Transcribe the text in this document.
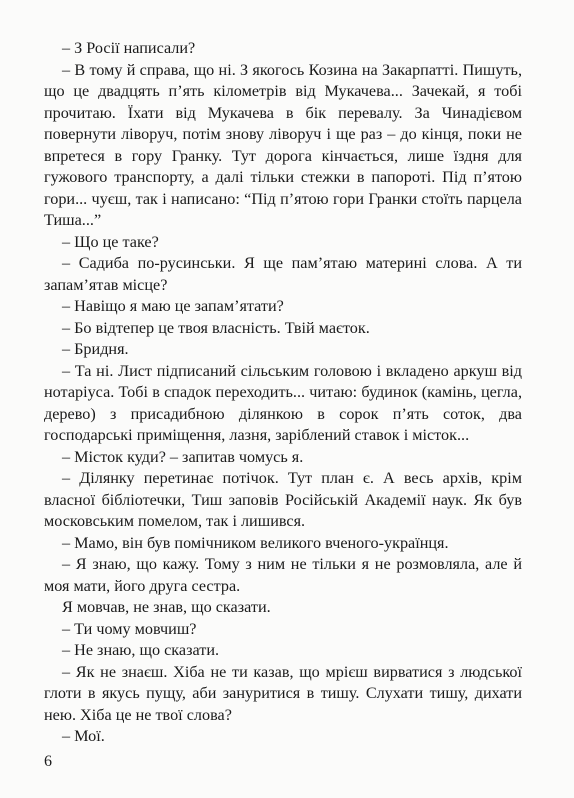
– З Росії написали?

– В тому й справа, що ні. З якогось Козина на Закарпатті. Пишуть, що це двадцять п’ять кілометрів від Мукачева... Зачекай, я тобі прочитаю. Їхати від Мукачева в бік перевалу. За Чинадієвом повернути ліворуч, потім знову ліворуч і ще раз – до кінця, поки не впретеся в гору Гранку. Тут дорога кінчається, лише їздня для гужового транспорту, а далі тільки стежки в папороті. Під п’ятою гори... чуєш, так і написано: “Під п’ятою гори Гранки стоїть парцела Тиша...”

– Що це таке?

– Садиба по-русинськи. Я ще пам’ятаю материні слова. А ти запам’ятав місце?

– Навіщо я маю це запам’ятати?

– Бо відтепер це твоя власність. Твій маєток.

– Бридня.

– Та ні. Лист підписаний сільським головою і вкладено аркуш від нотаріуса. Тобі в спадок переходить... читаю: будинок (камінь, цегла, дерево) з присадибною ділянкою в сорок п’ять соток, два господарські приміщення, лазня, зарiблений ставок і місток...

– Місток куди? – запитав чомусь я.

– Ділянку перетинає потічок. Тут план є. А весь архів, крім власної бібліотечки, Тиш заповів Російській Академії наук. Як був московським помелом, так і лишився.

– Мамо, він був помічником великого вченого-українця.

– Я знаю, що кажу. Тому з ним не тільки я не розмовляла, але й моя мати, його друга сестра.

Я мовчав, не знав, що сказати.

– Ти чому мовчиш?

– Не знаю, що сказати.

– Як не знаєш. Хіба не ти казав, що мрієш вирватися з людської глоти в якусь пущу, аби зануритися в тишу. Слухати тишу, дихати нею. Хіба це не твої слова?

– Мої.

6
